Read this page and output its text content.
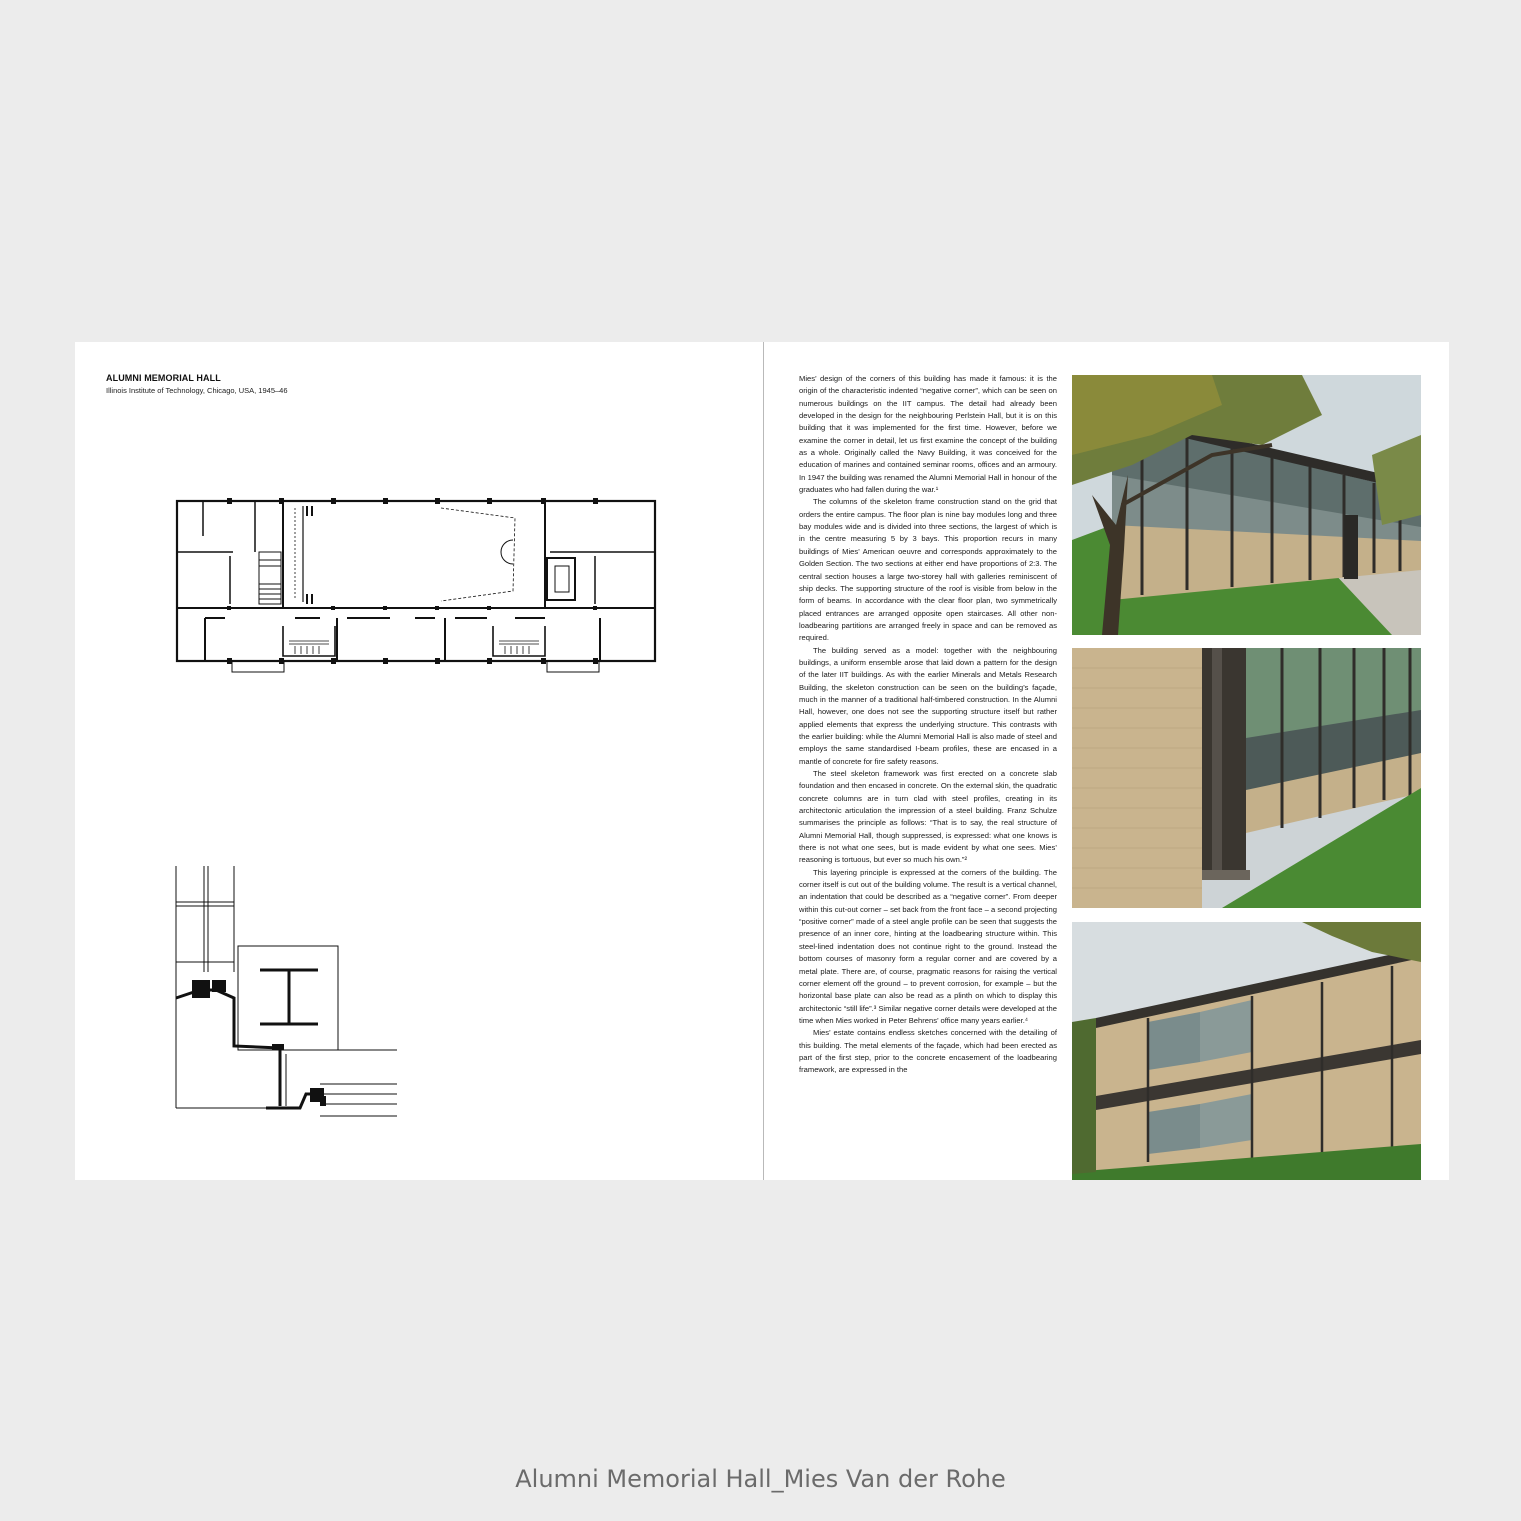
ALUMNI MEMORIAL HALL
Illinois Institute of Technology, Chicago, USA, 1945–46

Mies’ design of the corners of this building has made it famous: it is the origin of the characteristic indented “negative corner”, which can be seen on numerous buildings on the IIT campus. The detail had already been developed in the design for the neighbouring Perlstein Hall, but it is on this building that it was implemented for the first time. However, before we examine the corner in detail, let us first examine the concept of the building as a whole. Originally called the Navy Building, it was conceived for the education of marines and contained seminar rooms, offices and an armoury. In 1947 the building was renamed the Alumni Memorial Hall in honour of the graduates who had fallen during the war.¹

The columns of the skeleton frame construction stand on the grid that orders the entire campus. The floor plan is nine bay modules long and three bay modules wide and is divided into three sections, the largest of which is in the centre measuring 5 by 3 bays. This proportion recurs in many buildings of Mies’ American oeuvre and corresponds approximately to the Golden Section. The two sections at either end have proportions of 2:3. The central section houses a large two-storey hall with galleries reminiscent of ship decks. The supporting structure of the roof is visible from below in the form of beams. In accordance with the clear floor plan, two symmetrically placed entrances are arranged opposite open staircases. All other non-loadbearing partitions are arranged freely in space and can be removed as required.

The building served as a model: together with the neighbouring buildings, a uniform ensemble arose that laid down a pattern for the design of the later IIT buildings. As with the earlier Minerals and Metals Research Building, the skeleton construction can be seen on the building’s façade, much in the manner of a traditional half-timbered construction. In the Alumni Hall, however, one does not see the supporting structure itself but rather applied elements that express the underlying structure. This contrasts with the earlier building: while the Alumni Memorial Hall is also made of steel and employs the same standardised I-beam profiles, these are encased in a mantle of concrete for fire safety reasons.

The steel skeleton framework was first erected on a concrete slab foundation and then encased in concrete. On the external skin, the quadratic concrete columns are in turn clad with steel profiles, creating in its architectonic articulation the impression of a steel building. Franz Schulze summarises the principle as follows: “That is to say, the real structure of Alumni Memorial Hall, though suppressed, is expressed: what one knows is there is not what one sees, but is made evident by what one sees. Mies’ reasoning is tortuous, but ever so much his own.”²

This layering principle is expressed at the corners of the building. The corner itself is cut out of the building volume. The result is a vertical channel, an indentation that could be described as a “negative corner”. From deeper within this cut-out corner – set back from the front face – a second projecting “positive corner” made of a steel angle profile can be seen that suggests the presence of an inner core, hinting at the loadbearing structure within. This steel-lined indentation does not continue right to the ground. Instead the bottom courses of masonry form a regular corner and are covered by a metal plate. There are, of course, pragmatic reasons for raising the vertical corner element off the ground – to prevent corrosion, for example – but the horizontal base plate can also be read as a plinth on which to display this architectonic “still life”.³ Similar negative corner details were developed at the time when Mies worked in Peter Behrens’ office many years earlier.⁴

Mies’ estate contains endless sketches concerned with the detailing of this building. The metal elements of the façade, which had been erected as part of the first step, prior to the concrete encasement of the loadbearing framework, are expressed in the

Alumni Memorial Hall_Mies Van der Rohe
